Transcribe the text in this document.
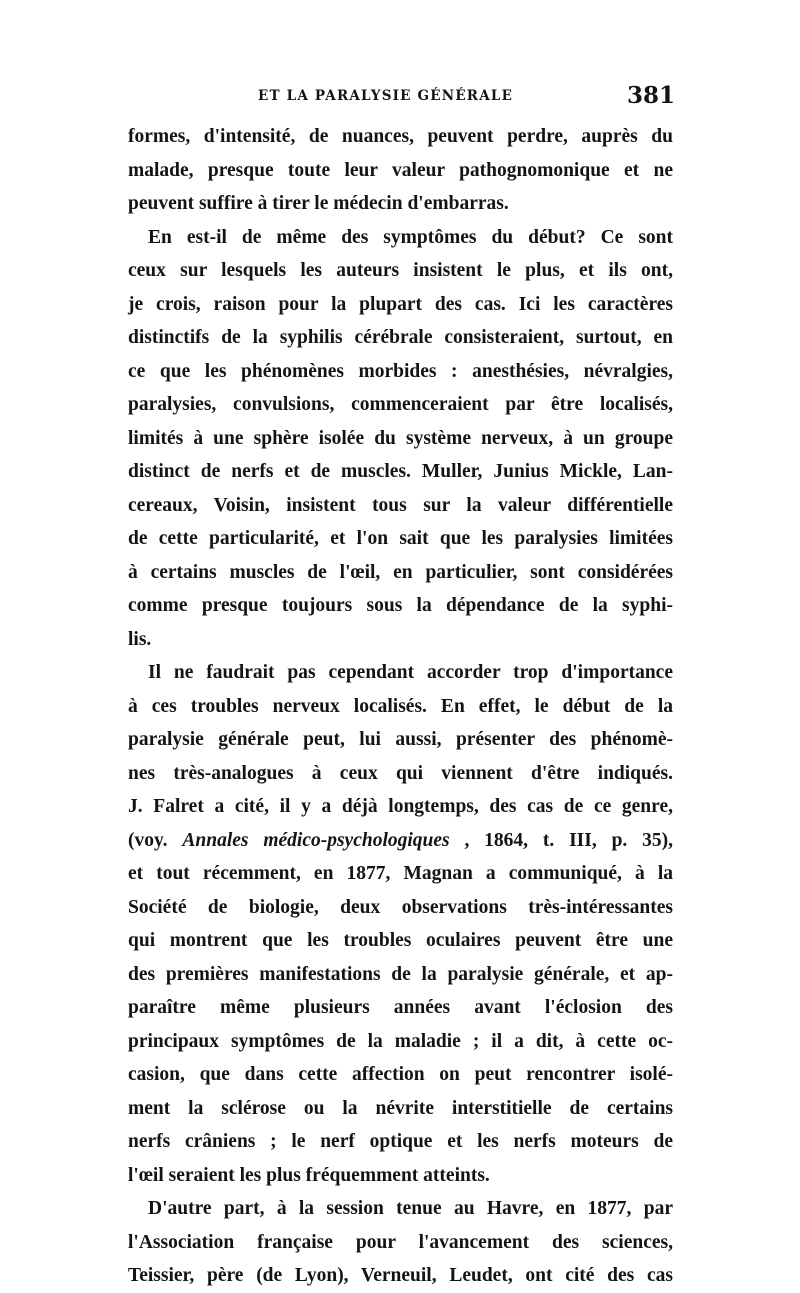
ET LA PARALYSIE GÉNÉRALE	381
formes, d'intensité, de nuances, peuvent perdre, auprès du
malade, presque toute leur valeur pathognomonique et ne
peuvent suffire à tirer le médecin d'embarras.
En est-il de même des symptômes du début? Ce sont
ceux sur lesquels les auteurs insistent le plus, et ils ont,
je crois, raison pour la plupart des cas. Ici les caractères
distinctifs de la syphilis cérébrale consisteraient, surtout, en
ce que les phénomènes morbides : anesthésies, névralgies,
paralysies, convulsions, commenceraient par être localisés,
limités à une sphère isolée du système nerveux, à un groupe
distinct de nerfs et de muscles. Muller, Junius Mickle, Lan-
cereaux, Voisin, insistent tous sur la valeur différentielle
de cette particularité, et l'on sait que les paralysies limitées
à certains muscles de l'œil, en particulier, sont considérées
comme presque toujours sous la dépendance de la syphi-
lis.
Il ne faudrait pas cependant accorder trop d'importance
à ces troubles nerveux localisés. En effet, le début de la
paralysie générale peut, lui aussi, présenter des phénomè-
nes très-analogues à ceux qui viennent d'être indiqués.
J. Falret a cité, il y a déjà longtemps, des cas de ce genre,
(voy. Annales médico-psychologiques , 1864, t. III, p. 35),
et tout récemment, en 1877, Magnan a communiqué, à la
Société de biologie, deux observations très-intéressantes
qui montrent que les troubles oculaires peuvent être une
des premières manifestations de la paralysie générale, et ap-
paraître même plusieurs années avant l'éclosion des
principaux symptômes de la maladie ; il a dit, à cette oc-
casion, que dans cette affection on peut rencontrer isolé-
ment la sclérose ou la névrite interstitielle de certains
nerfs crâniens ; le nerf optique et les nerfs moteurs de
l'œil seraient les plus fréquemment atteints.
D'autre part, à la session tenue au Havre, en 1877, par
l'Association française pour l'avancement des sciences,
Teissier, père (de Lyon), Verneuil, Leudet, ont cité des cas
